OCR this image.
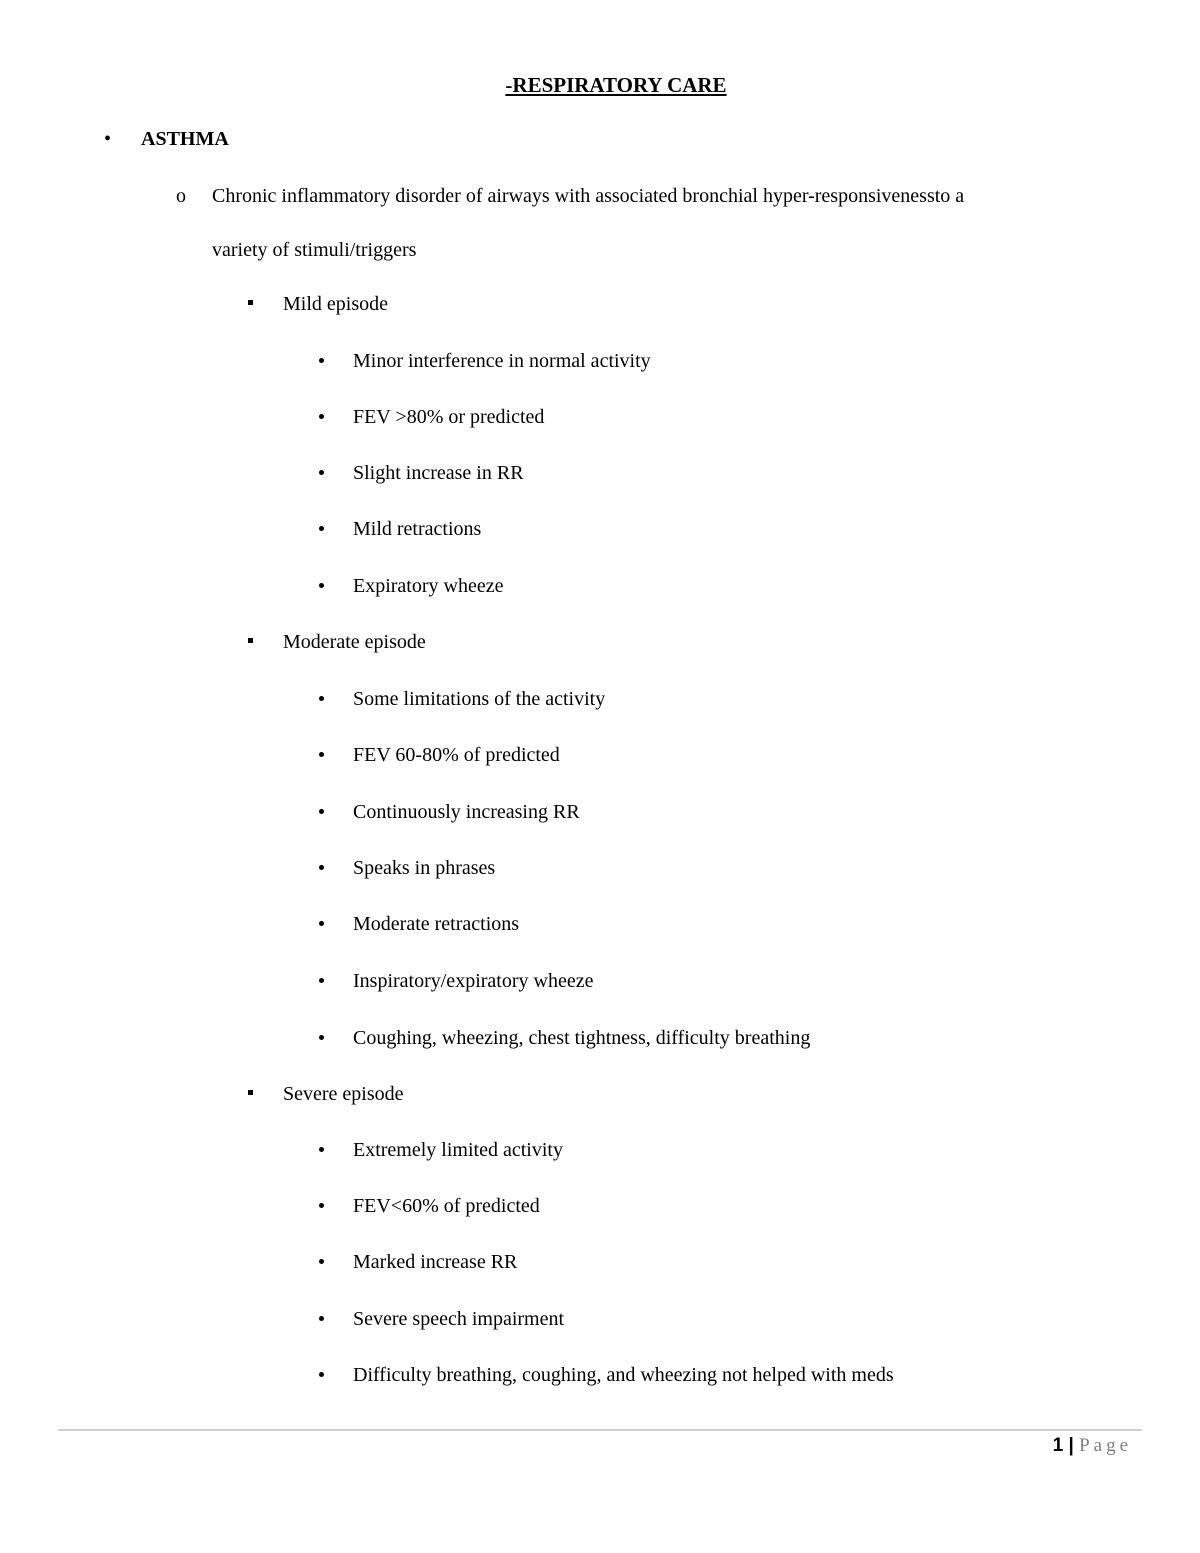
-RESPIRATORY CARE
• ASTHMA
o Chronic inflammatory disorder of airways with associated bronchial hyper-responsivenessto a
variety of stimuli/triggers
Mild episode
Minor interference in normal activity
FEV >80% or predicted
Slight increase in RR
Mild retractions
Expiratory wheeze
Moderate episode
Some limitations of the activity
FEV 60-80% of predicted
Continuously increasing RR
Speaks in phrases
Moderate retractions
Inspiratory/expiratory wheeze
Coughing, wheezing, chest tightness, difficulty breathing
Severe episode
Extremely limited activity
FEV<60% of predicted
Marked increase RR
Severe speech impairment
Difficulty breathing, coughing, and wheezing not helped with meds
1 | Page
